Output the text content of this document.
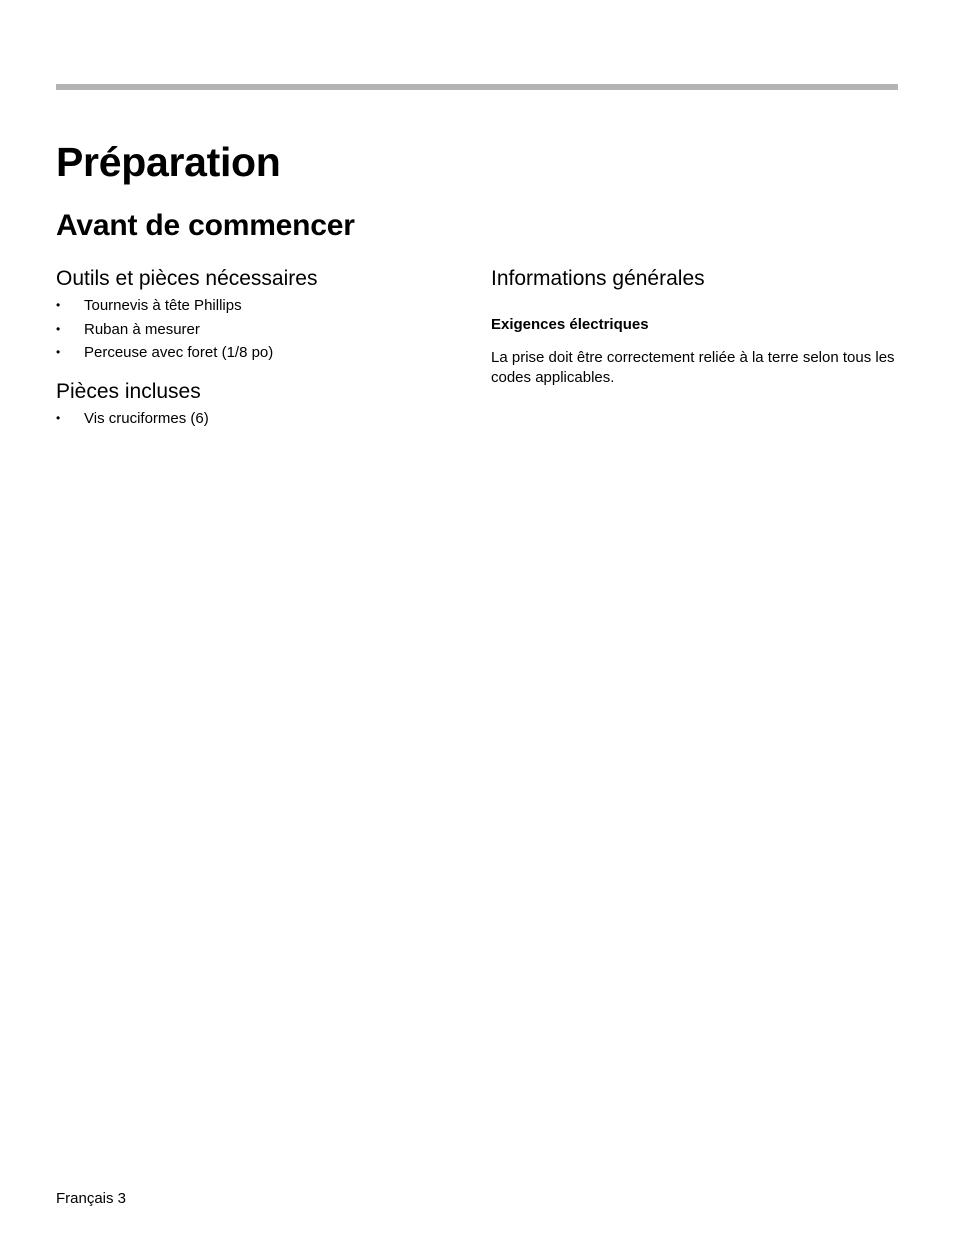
Préparation
Avant de commencer
Outils et pièces nécessaires
•	Tournevis à tête Phillips
•	Ruban à mesurer
•	Perceuse avec foret (1/8 po)
Pièces incluses
•	Vis cruciformes (6)
Informations générales
Exigences électriques

La prise doit être correctement reliée à la terre selon tous les codes applicables.

Français 3
